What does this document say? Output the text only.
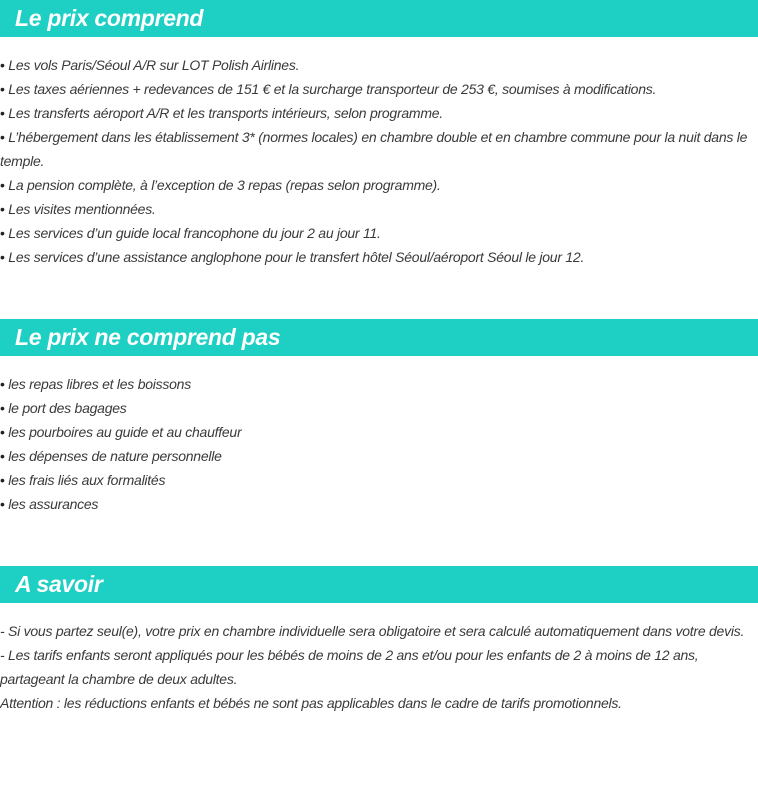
Le prix comprend

• Les vols Paris/Séoul A/R sur LOT Polish Airlines.

• Les taxes aériennes + redevances de 151 € et la surcharge transporteur de 253 €, soumises à modifications.

• Les transferts aéroport A/R et les transports intérieurs, selon programme.

• L’hébergement dans les établissement 3* (normes locales) en chambre double et en chambre commune pour la nuit dans le temple.

• La pension complète, à l’exception de 3 repas (repas selon programme).

• Les visites mentionnées.

• Les services d’un guide local francophone du jour 2 au jour 11.

• Les services d’une assistance anglophone pour le transfert hôtel Séoul/aéroport Séoul le jour 12.

Le prix ne comprend pas

• les repas libres et les boissons

• le port des bagages

• les pourboires au guide et au chauffeur

• les dépenses de nature personnelle

• les frais liés aux formalités

• les assurances

A savoir

- Si vous partez seul(e), votre prix en chambre individuelle sera obligatoire et sera calculé automatiquement dans votre devis.

- Les tarifs enfants seront appliqués pour les bébés de moins de 2 ans et/ou pour les enfants de 2 à moins de 12 ans, partageant la chambre de deux adultes.

Attention : les réductions enfants et bébés ne sont pas applicables dans le cadre de tarifs promotionnels.
